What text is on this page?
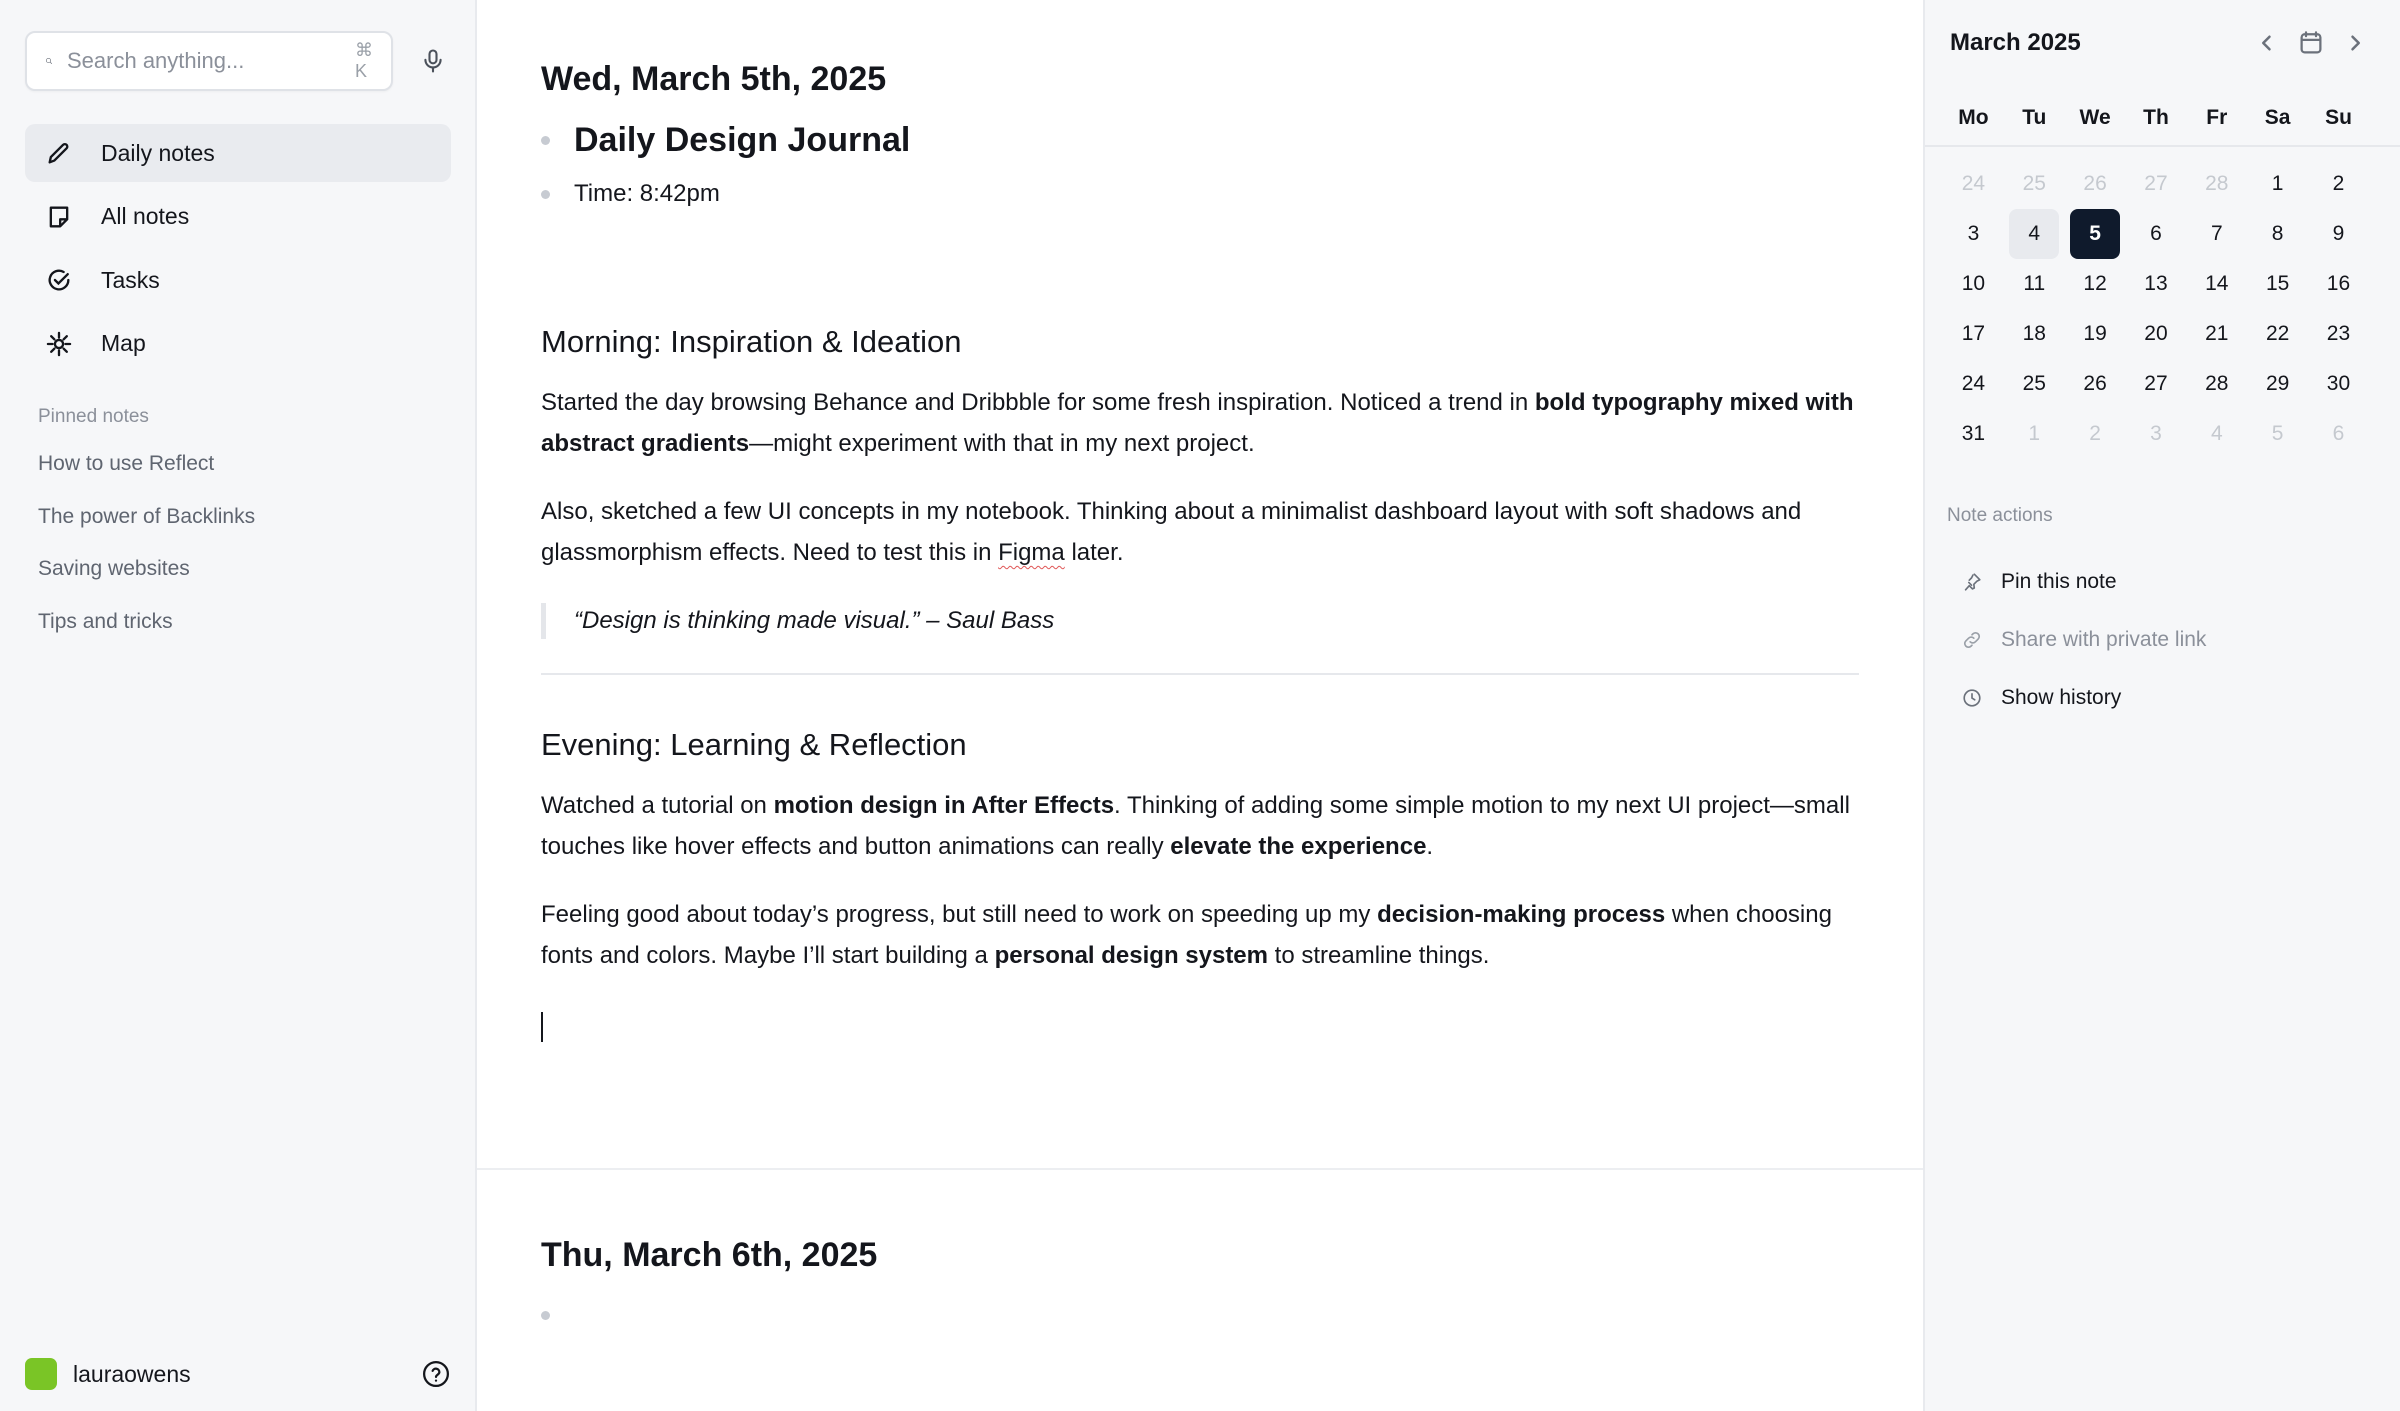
Search anything...
⌘ K
Daily notes
All notes
Tasks
Map
Pinned notes
How to use Reflect
The power of Backlinks
Saving websites
Tips and tricks
lauraowens
Wed, March 5th, 2025
Daily Design Journal
Time: 8:42pm
Morning: Inspiration & Ideation

Started the day browsing Behance and Dribbble for some fresh inspiration. Noticed a trend in bold typography mixed with abstract gradients—might experiment with that in my next project.

Also, sketched a few UI concepts in my notebook. Thinking about a minimalist dashboard layout with soft shadows and glassmorphism effects. Need to test this in Figma later.

“Design is thinking made visual.” – Saul Bass
Evening: Learning & Reflection

Watched a tutorial on motion design in After Effects. Thinking of adding some simple motion to my next UI project—small touches like hover effects and button animations can really elevate the experience.

Feeling good about today’s progress, but still need to work on speeding up my decision-making process when choosing fonts and colors. Maybe I’ll start building a personal design system to streamline things.

Thu, March 6th, 2025
March 2025
Mo	Tu	We	Th	Fr	Sa	Su
24	25	26	27	28	1	2
3	4	5	6	7	8	9
10	11	12	13	14	15	16
17	18	19	20	21	22	23
24	25	26	27	28	29	30
31	1	2	3	4	5	6
Note actions
Pin this note
Share with private link
Show history
